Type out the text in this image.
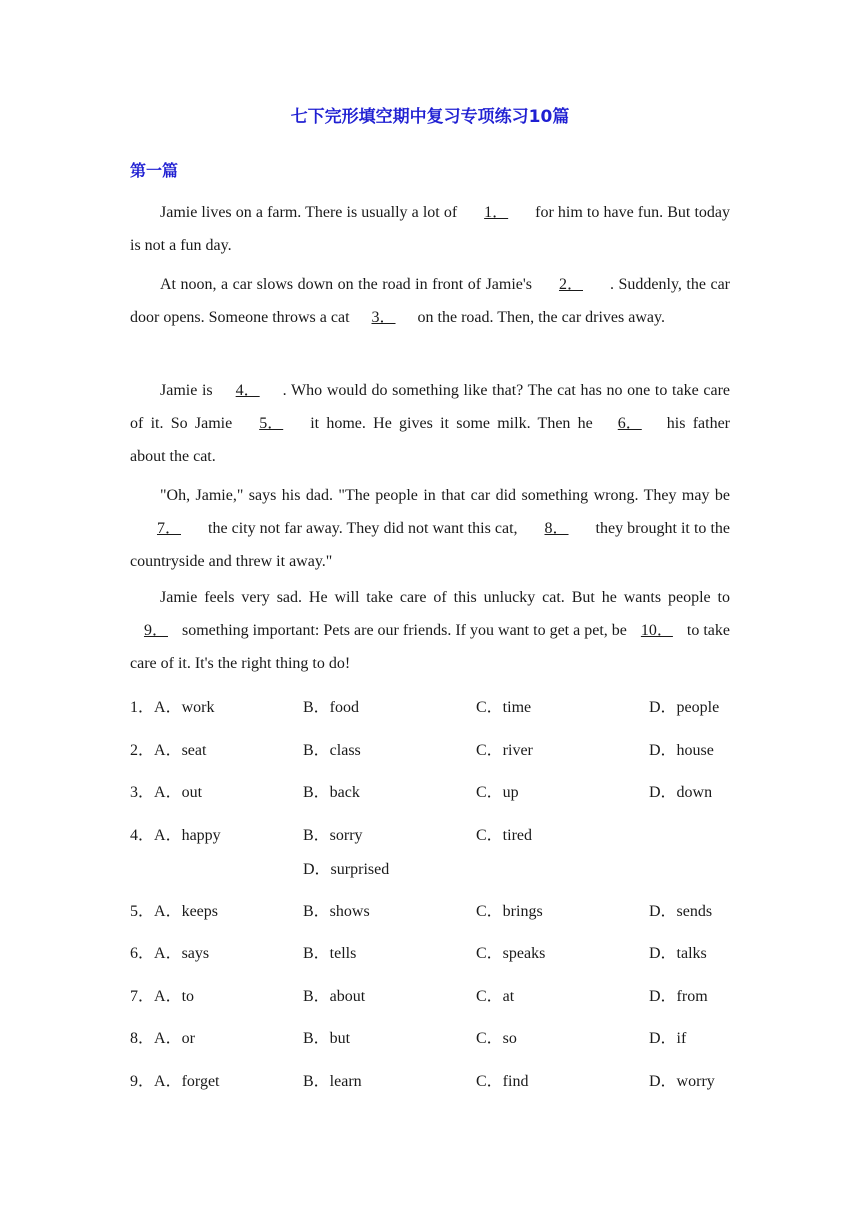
七下完形填空期中复习专项练习10篇
第一篇

Jamie lives on a farm. There is usually a lot of 1． for him to have fun. But today is not a fun day.

At noon, a car slows down on the road in front of Jamie's 2． . Suddenly, the car door opens. Someone throws a cat 3． on the road. Then, the car drives away.

Jamie is 4． . Who would do something like that? The cat has no one to take care of it. So Jamie 5． it home. He gives it some milk. Then he 6． his father about the cat.

"Oh, Jamie," says his dad. "The people in that car did something wrong. They may be7． the city not far away. They did not want this cat, 8． they brought it to the countryside and threw it away."

Jamie feels very sad. He will take care of this unlucky cat. But he wants people to9． something important: Pets are our friends. If you want to get a pet, be 10． to take care of it. It's the right thing to do!

1．A．work	B．food	C．time	D．people
2．A．seat	B．class	C．river	D．house
3．A．out	B．back	C．up	D．down
4．A．happy	B．sorry	C．tired
D．surprised
5．A．keeps	B．shows	C．brings	D．sends
6．A．says	B．tells	C．speaks	D．talks
7．A．to	B．about	C．at	D．from
8．A．or	B．but	C．so	D．if
9．A．forget	B．learn	C．find	D．worry
